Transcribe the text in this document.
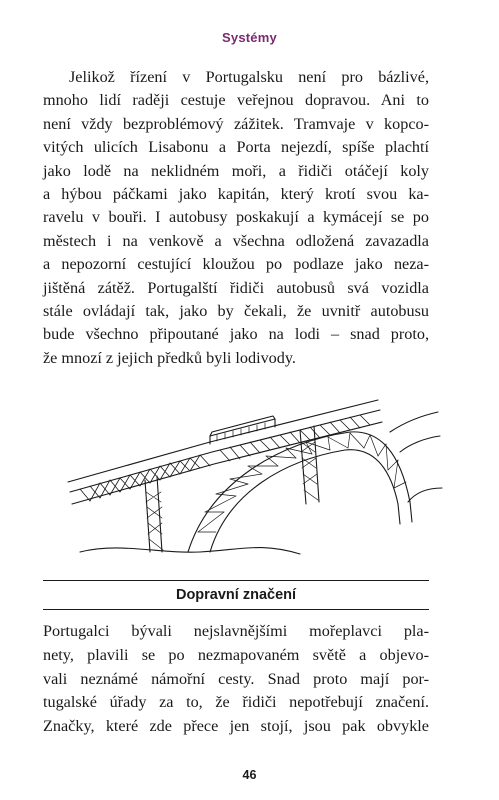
Systémy
Jelikož řízení v Portugalsku není pro bázlivé,
mnoho lidí raději cestuje veřejnou dopravou. Ani to
není vždy bezproblémový zážitek. Tramvaje v kopco-
vitých ulicích Lisabonu a Porta nejezdí, spíše plachtí
jako lodě na neklidném moři, a řidiči otáčejí koly
a hýbou páčkami jako kapitán, který krotí svou ka-
ravelu v bouři. I autobusy poskakují a kymácejí se po
městech i na venkově a všechna odložená zavazadla
a nepozorní cestující kloužou po podlaze jako neza-
jištěná zátěž. Portugalští řidiči autobusů svá vozidla
stále ovládají tak, jako by čekali, že uvnitř autobusu
bude všechno připoutané jako na lodi – snad proto,
že mnozí z jejich předků byli lodivody.
Dopravní značení
Portugalci bývali nejslavnějšími mořeplavci pla-
nety, plavili se po nezmapovaném světě a objevo-
vali neznámé námořní cesty. Snad proto mají por-
tugalské úřady za to, že řidiči nepotřebují značení.
Značky, které zde přece jen stojí, jsou pak obvykle
46
